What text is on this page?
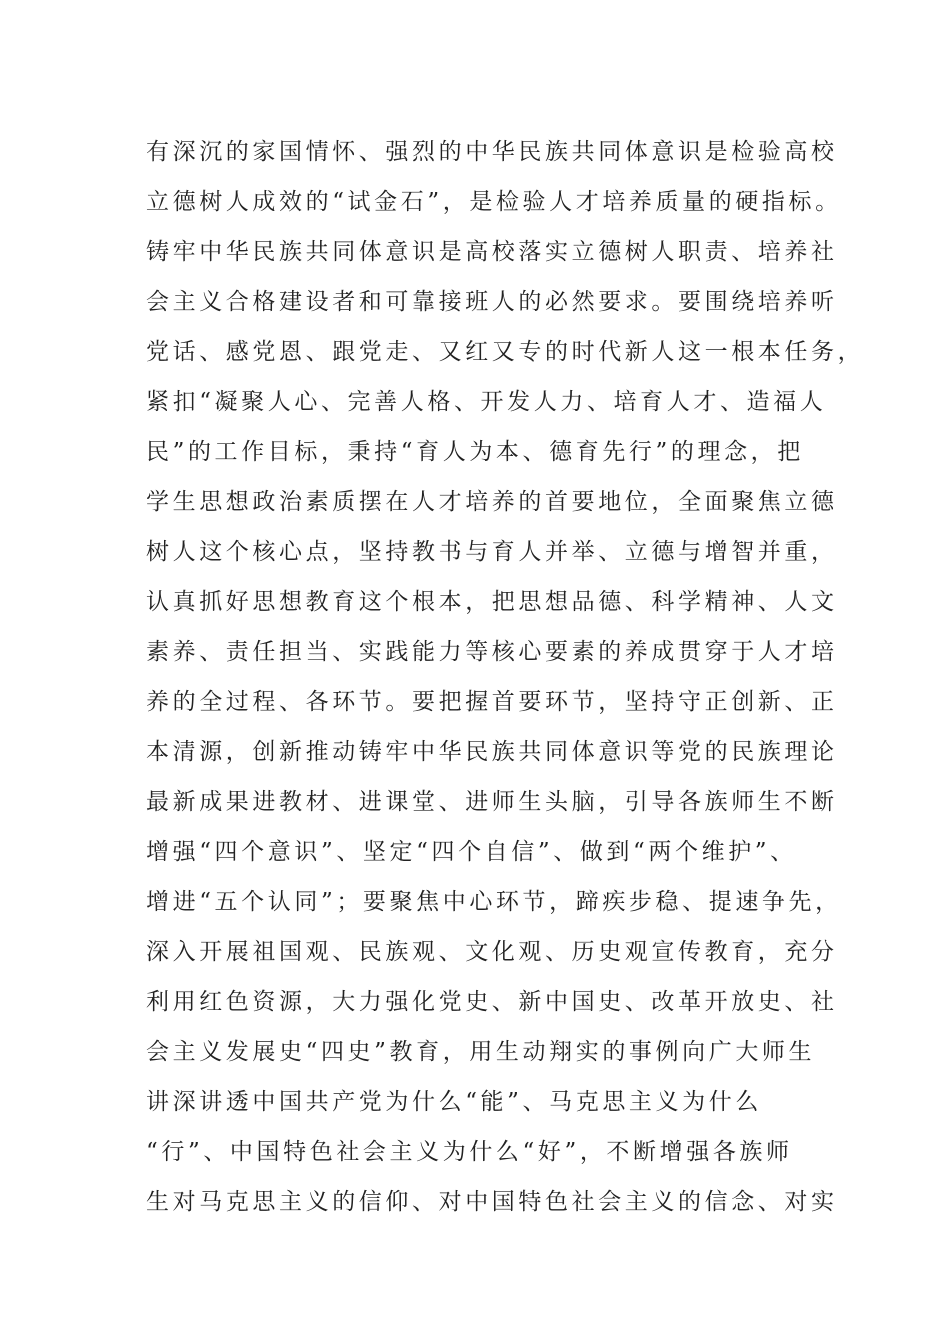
有深沉的家国情怀、强烈的中华民族共同体意识是检验高校
立德树人成效的“试金石”，是检验人才培养质量的硬指标。
铸牢中华民族共同体意识是高校落实立德树人职责、培养社
会主义合格建设者和可靠接班人的必然要求。要围绕培养听
党话、感党恩、跟党走、又红又专的时代新人这一根本任务，
紧扣“凝聚人心、完善人格、开发人力、培育人才、造福人
民”的工作目标，秉持“育人为本、德育先行”的理念，把
学生思想政治素质摆在人才培养的首要地位，全面聚焦立德
树人这个核心点，坚持教书与育人并举、立德与增智并重，
认真抓好思想教育这个根本，把思想品德、科学精神、人文
素养、责任担当、实践能力等核心要素的养成贯穿于人才培
养的全过程、各环节。要把握首要环节，坚持守正创新、正
本清源，创新推动铸牢中华民族共同体意识等党的民族理论
最新成果进教材、进课堂、进师生头脑，引导各族师生不断
增强“四个意识”、坚定“四个自信”、做到“两个维护”、
增进“五个认同”；要聚焦中心环节，蹄疾步稳、提速争先，
深入开展祖国观、民族观、文化观、历史观宣传教育，充分
利用红色资源，大力强化党史、新中国史、改革开放史、社
会主义发展史“四史”教育，用生动翔实的事例向广大师生
讲深讲透中国共产党为什么“能”、马克思主义为什么
“行”、中国特色社会主义为什么“好”，不断增强各族师
生对马克思主义的信仰、对中国特色社会主义的信念、对实
